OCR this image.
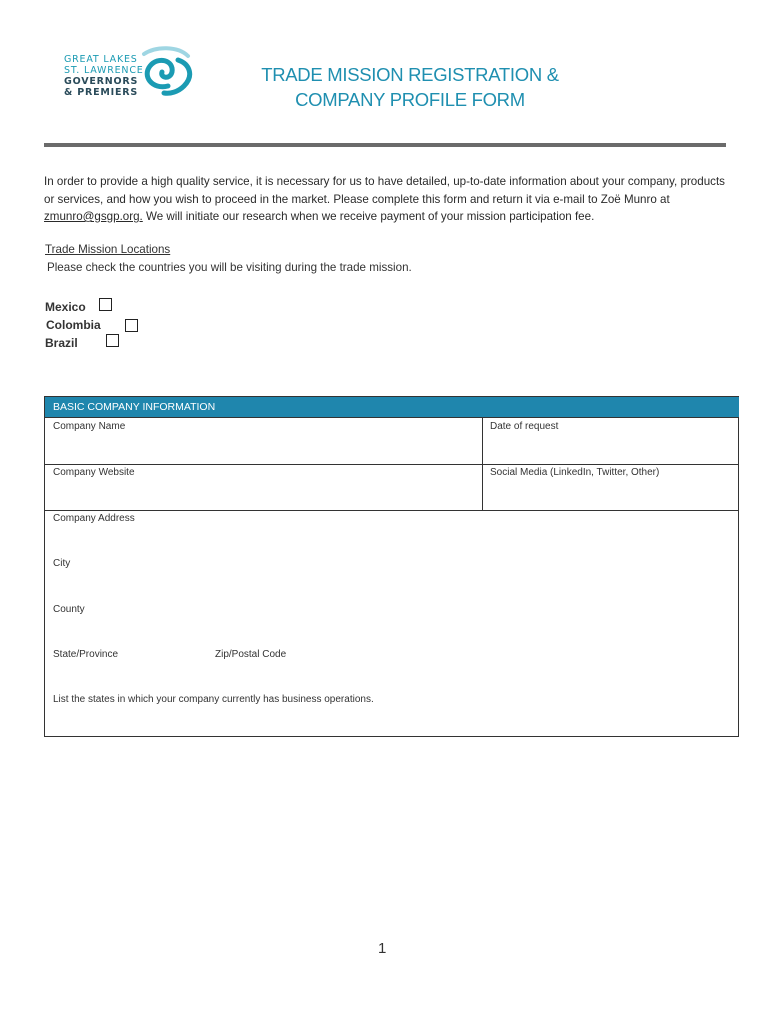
GREAT LAKES
ST. LAWRENCE
GOVERNORS
& PREMIERS
TRADE MISSION REGISTRATION &
COMPANY PROFILE FORM
In order to provide a high quality service, it is necessary for us to have detailed, up-to-date information about your company, products or services, and how you wish to proceed in the market. Please complete this form and return it via e-mail to Zoë Munro at zmunro@gsgp.org. We will initiate our research when we receive payment of your mission participation fee.
Trade Mission Locations
Please check the countries you will be visiting during the trade mission.
Mexico
Colombia
Brazil
BASIC COMPANY INFORMATION
Company Name	Date of request
Company Website	Social Media (LinkedIn, Twitter, Other)
Company Address
City
County
State/Province	Zip/Postal Code
List the states in which your company currently has business operations.
1
